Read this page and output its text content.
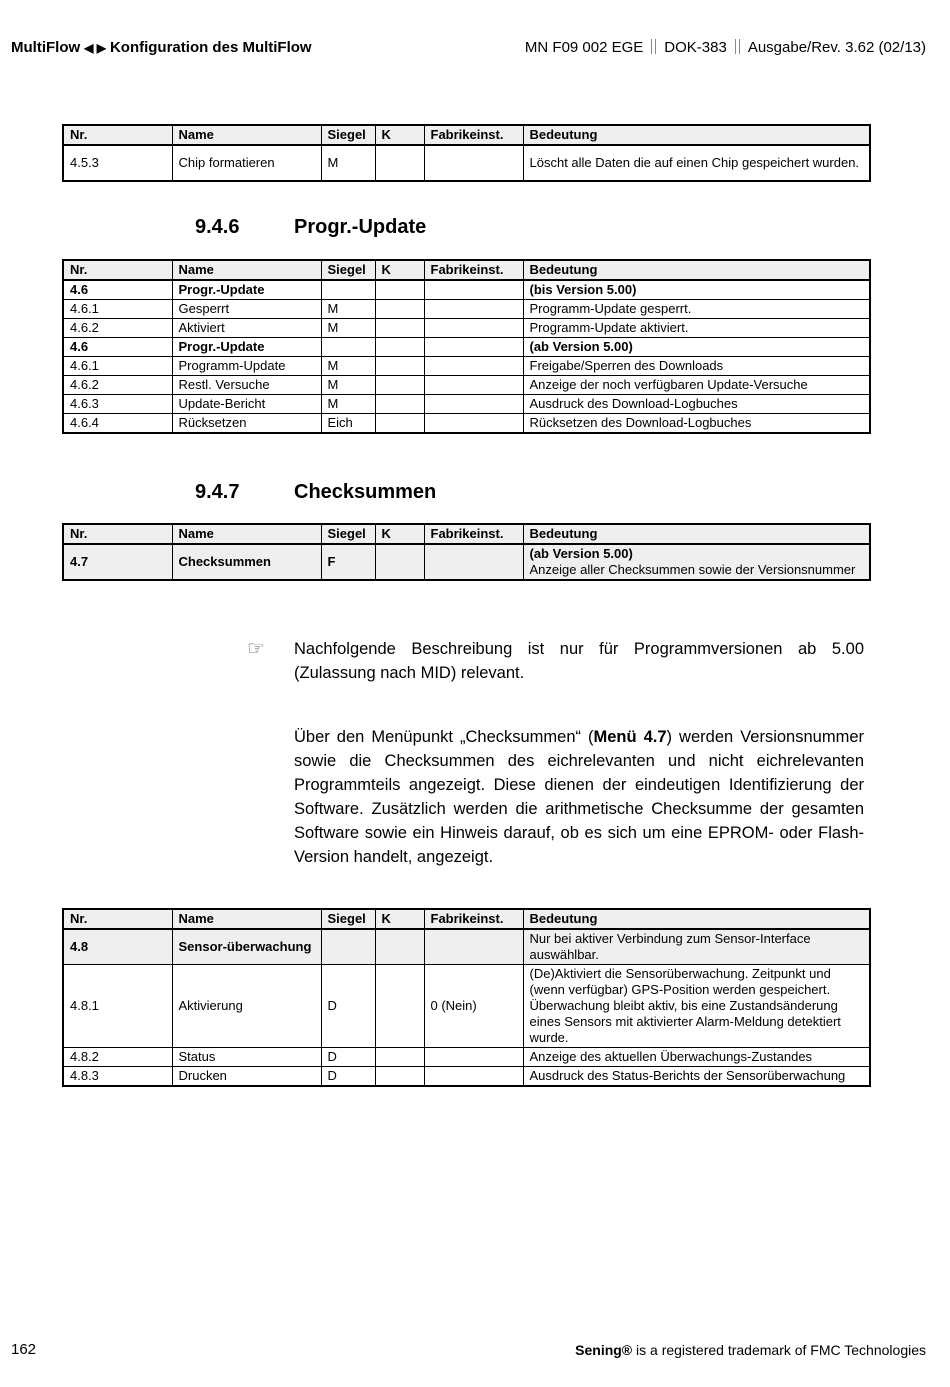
MultiFlow ◀ ▶ Konfiguration des MultiFlow	MN F09 002 EGE DOK-383 Ausgabe/Rev. 3.62 (02/13)
Nr.	Name	Siegel	K	Fabrikeinst.	Bedeutung
4.5.3	Chip formatieren	M			Löscht alle Daten die auf einen Chip gespeichert wurden.
9.4.6	Progr.-Update
Nr.	Name	Siegel	K	Fabrikeinst.	Bedeutung
4.6	Progr.-Update				(bis Version 5.00)
4.6.1	Gesperrt	M			Programm-Update gesperrt.
4.6.2	Aktiviert	M			Programm-Update aktiviert.
4.6	Progr.-Update				(ab Version 5.00)
4.6.1	Programm-Update	M			Freigabe/Sperren des Downloads
4.6.2	Restl. Versuche	M			Anzeige der noch verfügbaren Update-Versuche
4.6.3	Update-Bericht	M			Ausdruck des Download-Logbuches
4.6.4	Rücksetzen	Eich			Rücksetzen des Download-Logbuches
9.4.7	Checksummen
Nr.	Name	Siegel	K	Fabrikeinst.	Bedeutung
4.7	Checksummen	F			(ab Version 5.00)
Anzeige aller Checksummen sowie der Versionsnummer
☞ Nachfolgende Beschreibung ist nur für Programmversionen ab 5.00 (Zulassung nach MID) relevant.
Über den Menüpunkt „Checksummen“ (Menü 4.7) werden Versionsnummer sowie die Checksummen des eichrelevanten und nicht eichrelevanten Programmteils angezeigt. Diese dienen der eindeutigen Identifizierung der Software. Zusätzlich werden die arithmetische Checksumme der gesamten Software sowie ein Hinweis darauf, ob es sich um eine EPROM- oder Flash-Version handelt, angezeigt.
Nr.	Name	Siegel	K	Fabrikeinst.	Bedeutung
4.8	Sensor-überwachung				Nur bei aktiver Verbindung zum Sensor-Interface auswählbar.
4.8.1	Aktivierung	D		0 (Nein)	(De)Aktiviert die Sensorüberwachung. Zeitpunkt und (wenn verfügbar) GPS-Position werden gespeichert. Überwachung bleibt aktiv, bis eine Zustandsänderung eines Sensors mit aktivierter Alarm-Meldung detektiert wurde.
4.8.2	Status	D			Anzeige des aktuellen Überwachungs-Zustandes
4.8.3	Drucken	D			Ausdruck des Status-Berichts der Sensorüberwachung
162	Sening® is a registered trademark of FMC Technologies
